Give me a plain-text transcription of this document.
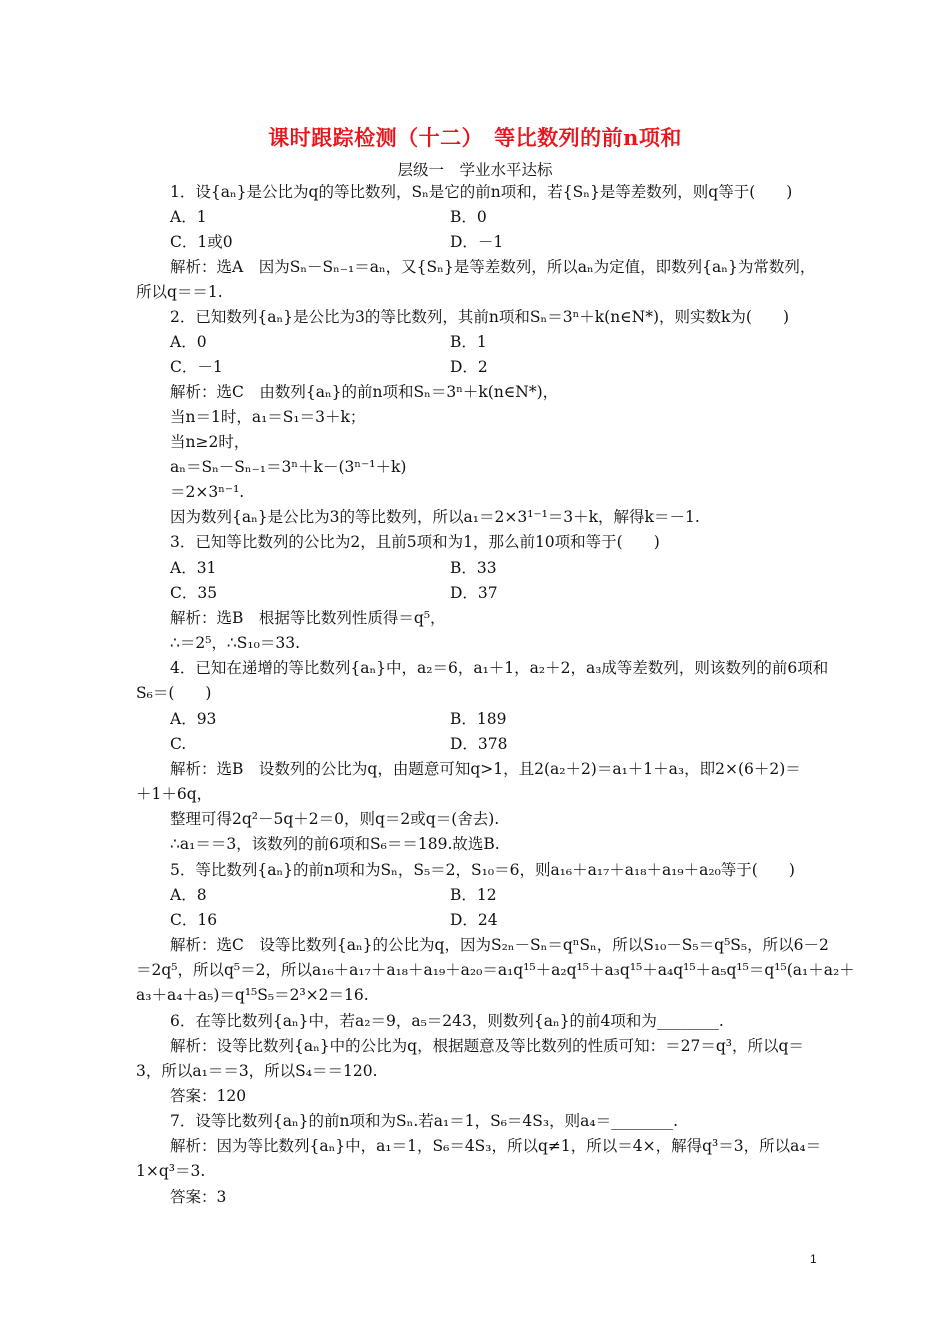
课时跟踪检测（十二）　等比数列的前n项和
层级一　学业水平达标
1．设{aₙ}是公比为q的等比数列，Sₙ是它的前n项和，若{Sₙ}是等差数列，则q等于(　　)
A．1	B．0
C．1或0	D．－1
解析：选A　因为Sₙ－Sₙ₋₁＝aₙ，又{Sₙ}是等差数列，所以aₙ为定值，即数列{aₙ}为常数列，
所以q＝＝1.
2．已知数列{aₙ}是公比为3的等比数列，其前n项和Sₙ＝3ⁿ＋k(n∈N*)，则实数k为(　　)
A．0	B．1
C．－1	D．2
解析：选C　由数列{aₙ}的前n项和Sₙ＝3ⁿ＋k(n∈N*)，
当n＝1时，a₁＝S₁＝3＋k；
当n≥2时，
aₙ＝Sₙ－Sₙ₋₁＝3ⁿ＋k－(3ⁿ⁻¹＋k)
＝2×3ⁿ⁻¹.
因为数列{aₙ}是公比为3的等比数列，所以a₁＝2×3¹⁻¹＝3＋k，解得k＝－1.
3．已知等比数列的公比为2，且前5项和为1，那么前10项和等于(　　)
A．31	B．33
C．35	D．37
解析：选B　根据等比数列性质得＝q⁵，
∴＝2⁵，∴S₁₀＝33.
4．已知在递增的等比数列{aₙ}中，a₂＝6，a₁＋1，a₂＋2，a₃成等差数列，则该数列的前6项和
S₆＝(　　)
A．93	B．189
C.	D．378
解析：选B　设数列的公比为q，由题意可知q>1，且2(a₂＋2)＝a₁＋1＋a₃，即2×(6＋2)＝
＋1＋6q，
整理可得2q²－5q＋2＝0，则q＝2或q＝(舍去).
∴a₁＝＝3，该数列的前6项和S₆＝＝189.故选B.
5．等比数列{aₙ}的前n项和为Sₙ，S₅＝2，S₁₀＝6，则a₁₆＋a₁₇＋a₁₈＋a₁₉＋a₂₀等于(　　)
A．8	B．12
C．16	D．24
解析：选C　设等比数列{aₙ}的公比为q，因为S₂ₙ－Sₙ＝qⁿSₙ，所以S₁₀－S₅＝q⁵S₅，所以6－2
＝2q⁵，所以q⁵＝2，所以a₁₆＋a₁₇＋a₁₈＋a₁₉＋a₂₀＝a₁q¹⁵＋a₂q¹⁵＋a₃q¹⁵＋a₄q¹⁵＋a₅q¹⁵＝q¹⁵(a₁＋a₂＋
a₃＋a₄＋a₅)＝q¹⁵S₅＝2³×2＝16.
6．在等比数列{aₙ}中，若a₂＝9，a₅＝243，则数列{aₙ}的前4项和为________.
解析：设等比数列{aₙ}中的公比为q，根据题意及等比数列的性质可知：＝27＝q³，所以q＝
3，所以a₁＝＝3，所以S₄＝＝120.
答案：120
7．设等比数列{aₙ}的前n项和为Sₙ.若a₁＝1，S₆＝4S₃，则a₄＝________.
解析：因为等比数列{aₙ}中，a₁＝1，S₆＝4S₃，所以q≠1，所以＝4×，解得q³＝3，所以a₄＝
1×q³＝3.
答案：3
1
